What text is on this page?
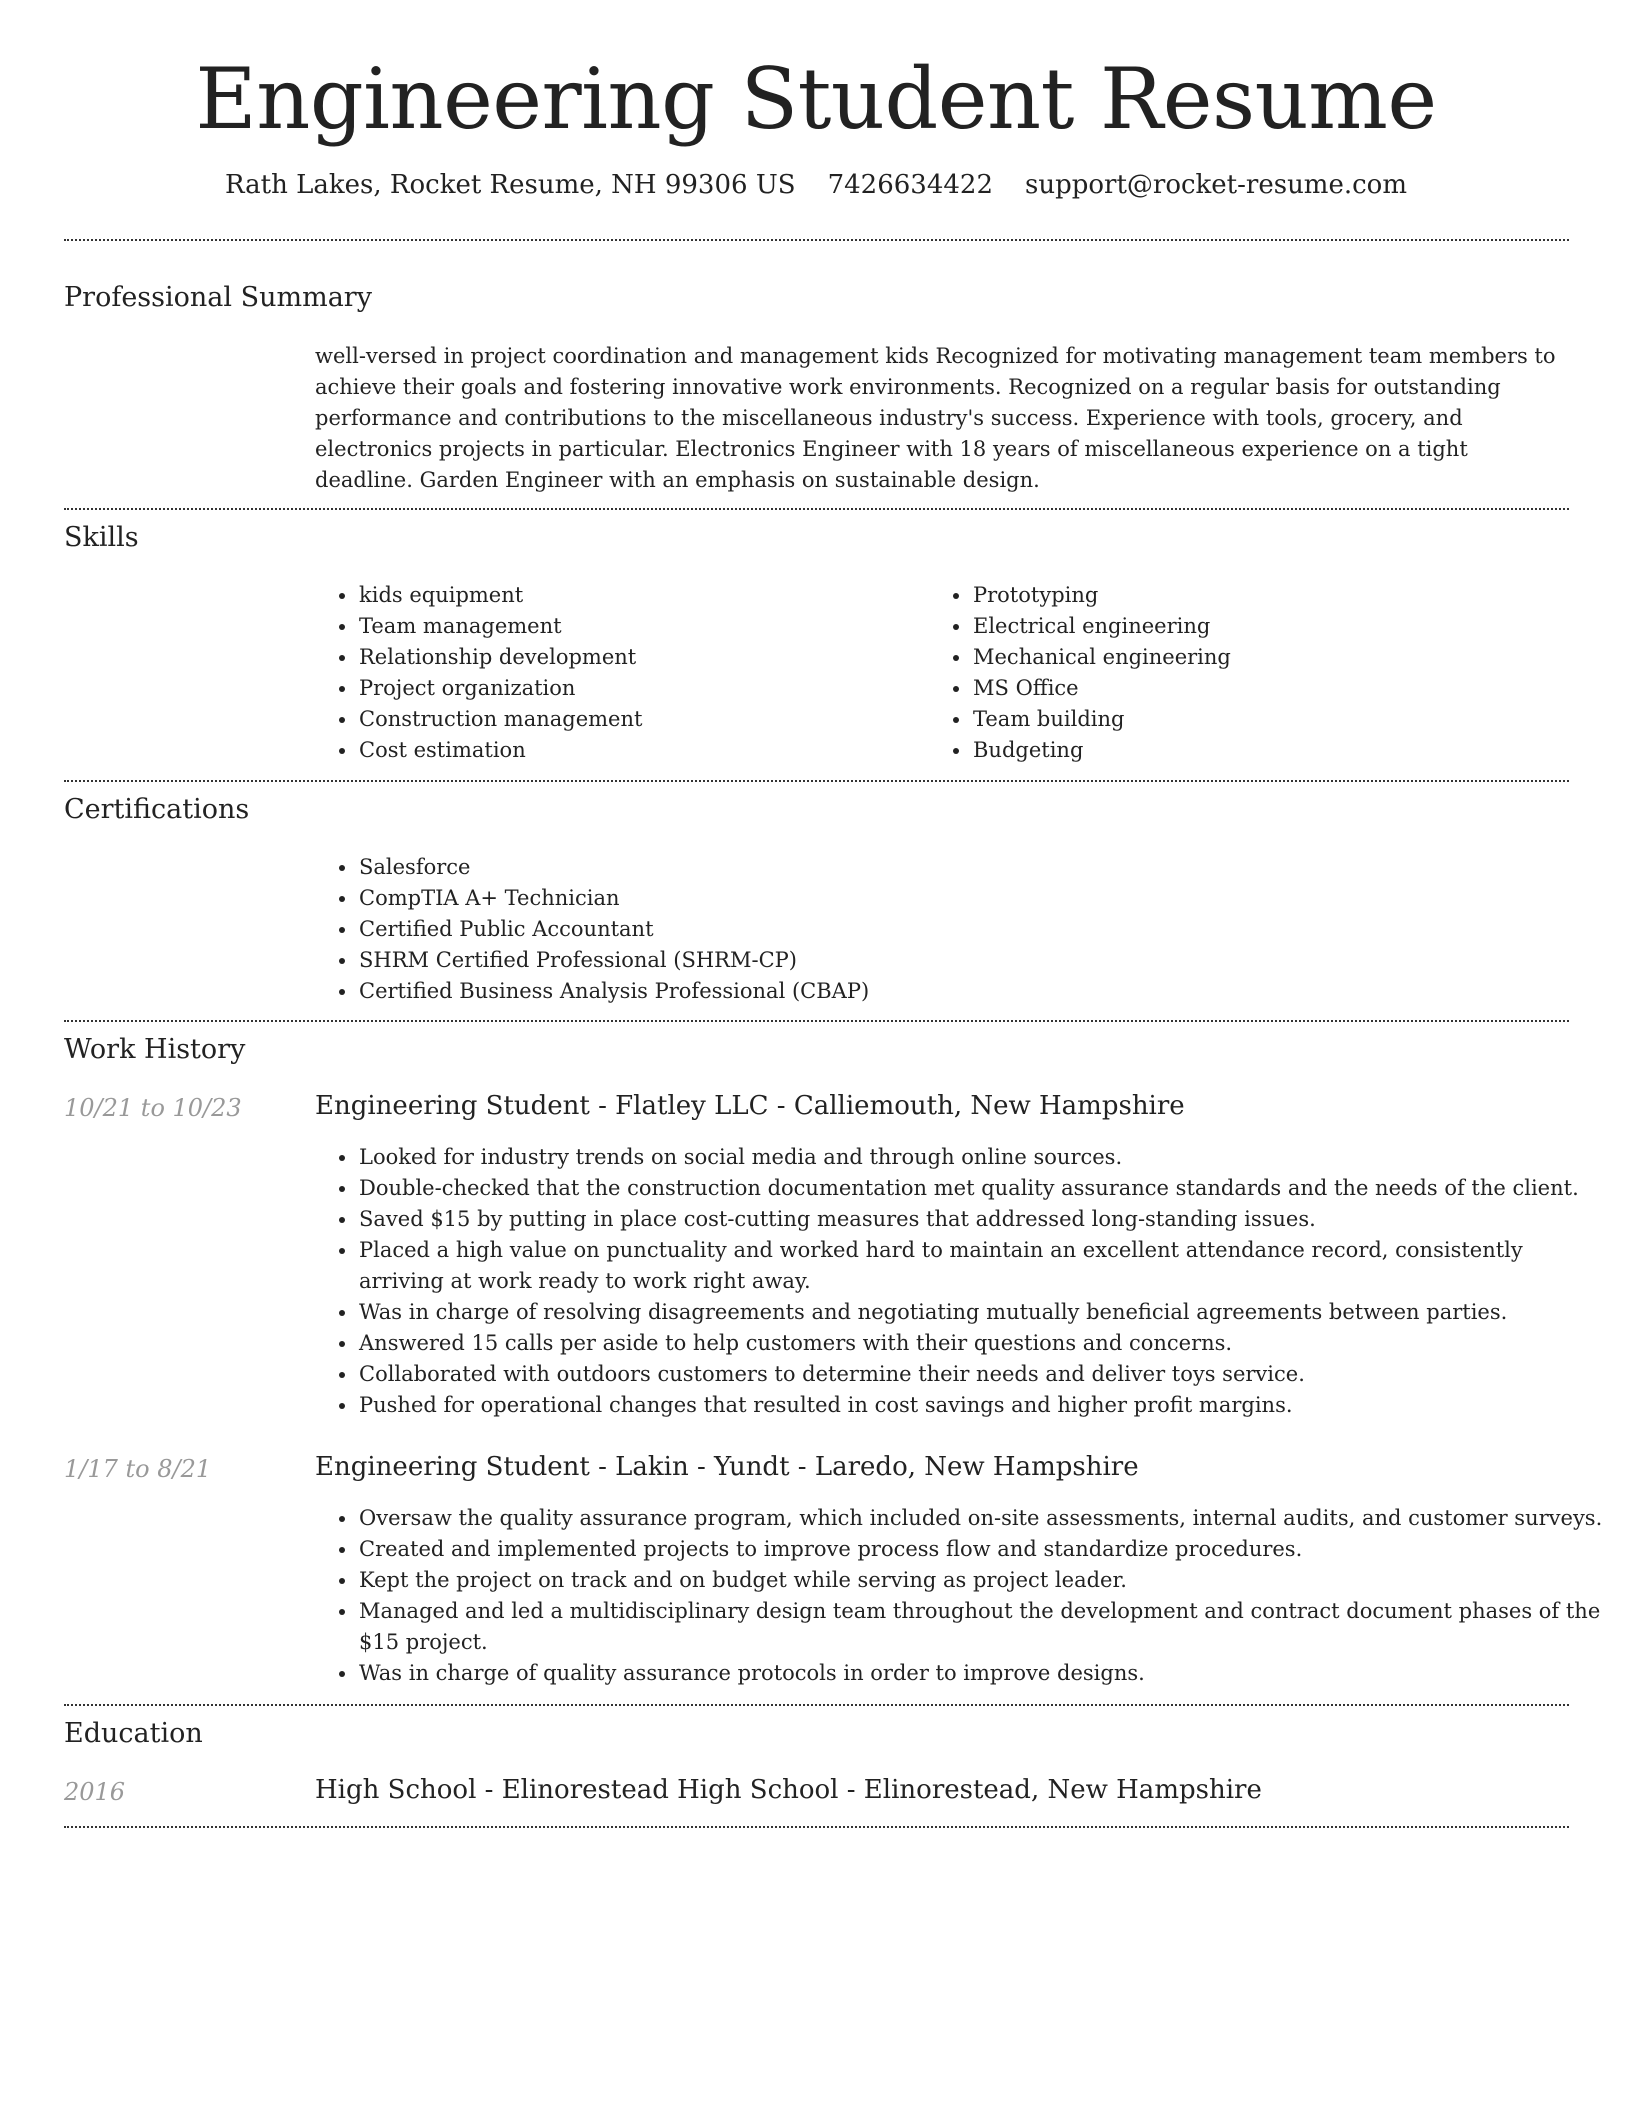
Engineering Student Resume
Rath Lakes, Rocket Resume, NH 99306 US 7426634422 support@rocket-resume.com
Professional Summary

well-versed in project coordination and management kids Recognized for motivating management team members to achieve their goals and fostering innovative work environments. Recognized on a regular basis for outstanding performance and contributions to the miscellaneous industry's success. Experience with tools, grocery, and electronics projects in particular. Electronics Engineer with 18 years of miscellaneous experience on a tight deadline. Garden Engineer with an emphasis on sustainable design.

Skills
• kids equipment
• Team management
• Relationship development
• Project organization
• Construction management
• Cost estimation
• Prototyping
• Electrical engineering
• Mechanical engineering
• MS Office
• Team building
• Budgeting
Certifications
• Salesforce
• CompTIA A+ Technician
• Certified Public Accountant
• SHRM Certified Professional (SHRM-CP)
• Certified Business Analysis Professional (CBAP)
Work History
10/21 to 10/23	Engineering Student - Flatley LLC - Calliemouth, New Hampshire
• Looked for industry trends on social media and through online sources.
• Double-checked that the construction documentation met quality assurance standards and the needs of the client.
• Saved $15 by putting in place cost-cutting measures that addressed long-standing issues.
• Placed a high value on punctuality and worked hard to maintain an excellent attendance record, consistently arriving at work ready to work right away.
• Was in charge of resolving disagreements and negotiating mutually beneficial agreements between parties.
• Answered 15 calls per aside to help customers with their questions and concerns.
• Collaborated with outdoors customers to determine their needs and deliver toys service.
• Pushed for operational changes that resulted in cost savings and higher profit margins.
1/17 to 8/21	Engineering Student - Lakin - Yundt - Laredo, New Hampshire
• Oversaw the quality assurance program, which included on-site assessments, internal audits, and customer surveys.
• Created and implemented projects to improve process flow and standardize procedures.
• Kept the project on track and on budget while serving as project leader.
• Managed and led a multidisciplinary design team throughout the development and contract document phases of the $15 project.
• Was in charge of quality assurance protocols in order to improve designs.
Education
2016	High School - Elinorestead High School - Elinorestead, New Hampshire
